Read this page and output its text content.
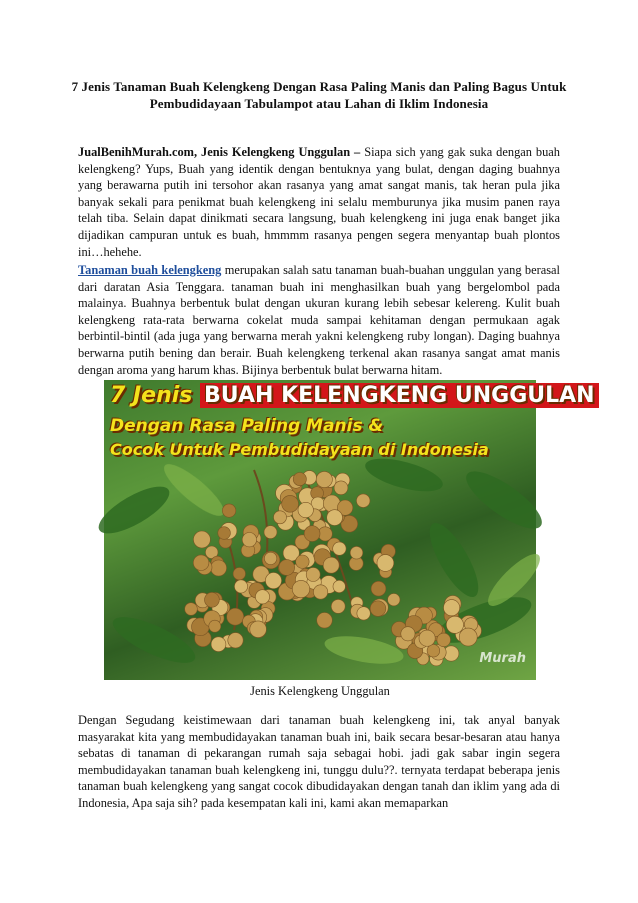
7 Jenis Tanaman Buah Kelengkeng Dengan Rasa Paling Manis dan Paling Bagus Untuk Pembudidayaan Tabulampot atau Lahan di Iklim Indonesia
JualBenihMurah.com, Jenis Kelengkeng Unggulan – Siapa sich yang gak suka dengan buah kelengkeng? Yups, Buah yang identik dengan bentuknya yang bulat, dengan daging buahnya yang berawarna putih ini tersohor akan rasanya yang amat sangat manis, tak heran pula jika banyak sekali para penikmat buah kelengkeng ini selalu memburunya jika musim panen raya telah tiba. Selain dapat dinikmati secara langsung, buah kelengkeng ini juga enak banget jika dijadikan campuran untuk es buah, hmmmm rasanya pengen segera menyantap buah plontos ini…hehehe.
Tanaman buah kelengkeng merupakan salah satu tanaman buah-buahan unggulan yang berasal dari daratan Asia Tenggara. tanaman buah ini menghasilkan buah yang bergelombol pada malainya. Buahnya berbentuk bulat dengan ukuran kurang lebih sebesar kelereng. Kulit buah kelengkeng rata-rata berwarna cokelat muda sampai kehitaman dengan permukaan agak berbintil-bintil (ada juga yang berwarna merah yakni kelengkeng ruby longan). Daging buahnya berwarna putih bening dan berair. Buah kelengkeng terkenal akan rasanya sangat amat manis dengan aroma yang harum khas. Bijinya berbentuk bulat berwarna hitam.
7 Jenis BUAH KELENGKENG UNGGULAN
Dengan Rasa Paling Manis &
Cocok Untuk Pembudidayaan di Indonesia
Murah
Jenis Kelengkeng Unggulan
Dengan Segudang keistimewaan dari tanaman buah kelengkeng ini, tak anyal banyak masyarakat kita yang membudidayakan tanaman buah ini, baik secara besar-besaran atau hanya sebatas di tanaman di pekarangan rumah saja sebagai hobi. jadi gak sabar ingin segera membudidayakan tanaman buah kelengkeng ini, tunggu dulu??. ternyata terdapat beberapa jenis tanaman buah kelengkeng yang sangat cocok dibudidayakan dengan tanah dan iklim yang ada di Indonesia, Apa saja sih? pada kesempatan kali ini, kami akan memaparkan
